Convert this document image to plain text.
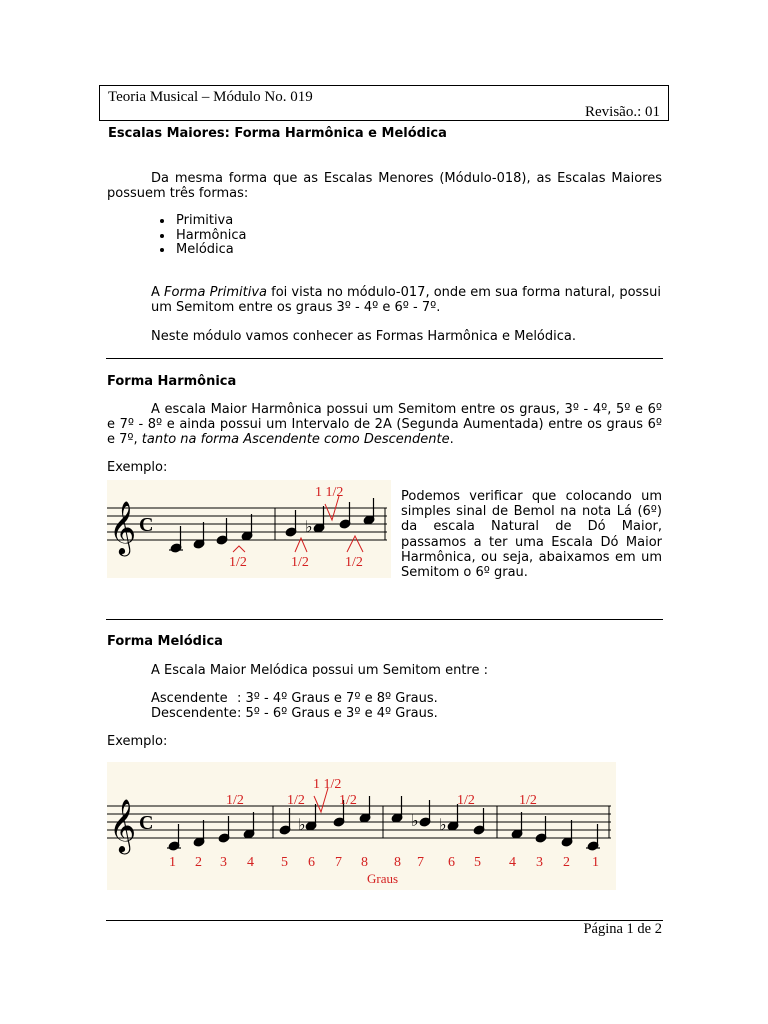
Teoria Musical – Módulo No. 019
Revisão.: 01
Escalas Maiores: Forma Harmônica e Melódica
Da mesma forma que as Escalas Menores (Módulo-018), as Escalas Maiores possuem três formas:
• Primitiva
• Harmônica
• Melódica
A Forma Primitiva foi vista no módulo-017, onde em sua forma natural, possui um Semitom entre os graus 3º - 4º e 6º - 7º.
Neste módulo vamos conhecer as Formas Harmônica e Melódica.
Forma Harmônica
A escala Maior Harmônica possui um Semitom entre os graus, 3º - 4º, 5º e 6º e 7º - 8º e ainda possui um Intervalo de 2A (Segunda Aumentada) entre os graus 6º e 7º, tanto na forma Ascendente como Descendente.
Exemplo:
𝄞 C	♭
1 1/2
1/2	1/2	1/2
Podemos verificar que colocando um simples sinal de Bemol na nota Lá (6º) da escala Natural de Dó Maior, passamos a ter uma Escala Dó Maior Harmônica, ou seja, abaixamos em um Semitom o 6º grau.
Forma Melódica
A Escala Maior Melódica possui um Semitom entre :
Ascendente : 3º - 4º Graus e 7º e 8º Graus.
Descendente: 5º - 6º Graus e 3º e 4º Graus.
Exemplo:
𝄞 C	♭	♭ ♭
1 1/2
1/2	1/2 1/2	1/2	1/2
1 2 3 4 5 6 7 8 8 7 6 5 4 3 2 1
Graus
Página 1 de 2
